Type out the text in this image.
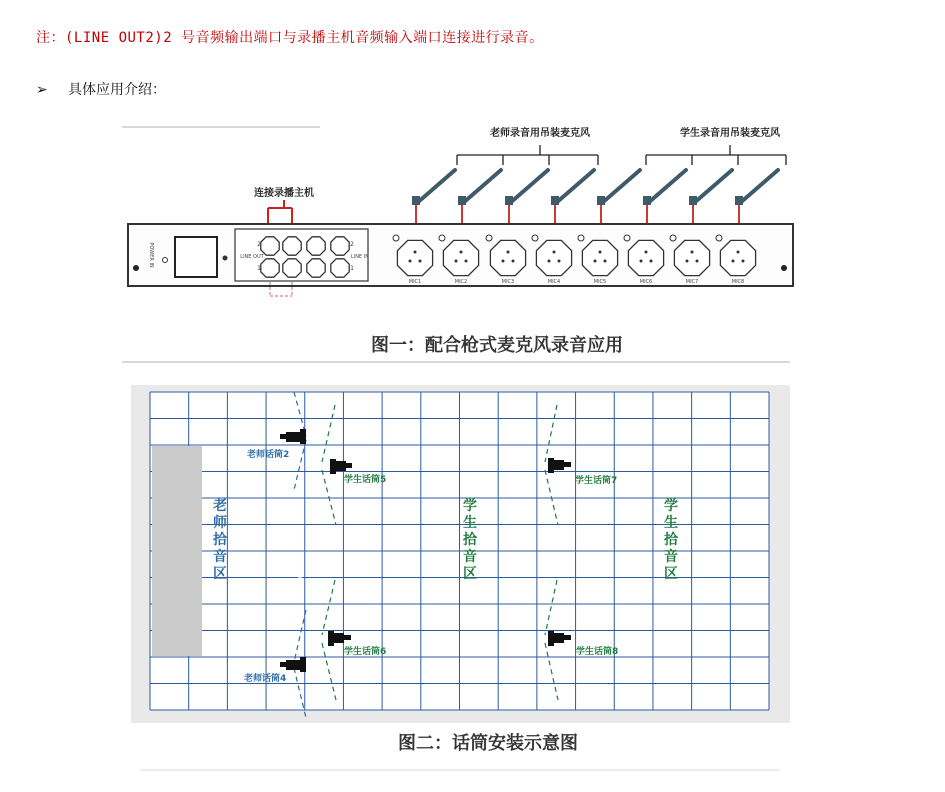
注：(LINE OUT2)2 号音频输出端口与录播主机音频输入端口连接进行录音。
➢ 具体应用介绍：
老师录音用吊装麦克风	学生录音用吊装麦克风
连接录播主机
POWER IN	LINE OUT	LINE IN
2
1
2
1
MIC1	MIC2	MIC3	MIC4	MIC5	MIC6	MIC7	MIC8
图一：配合枪式麦克风录音应用
老
师
拾
音
区
学
生
拾
音
区
学
生
拾
音
区
老师话筒2
学生话筒5	学生话筒7
学生话筒6	学生话筒8
老师话筒4
图二：话筒安装示意图
